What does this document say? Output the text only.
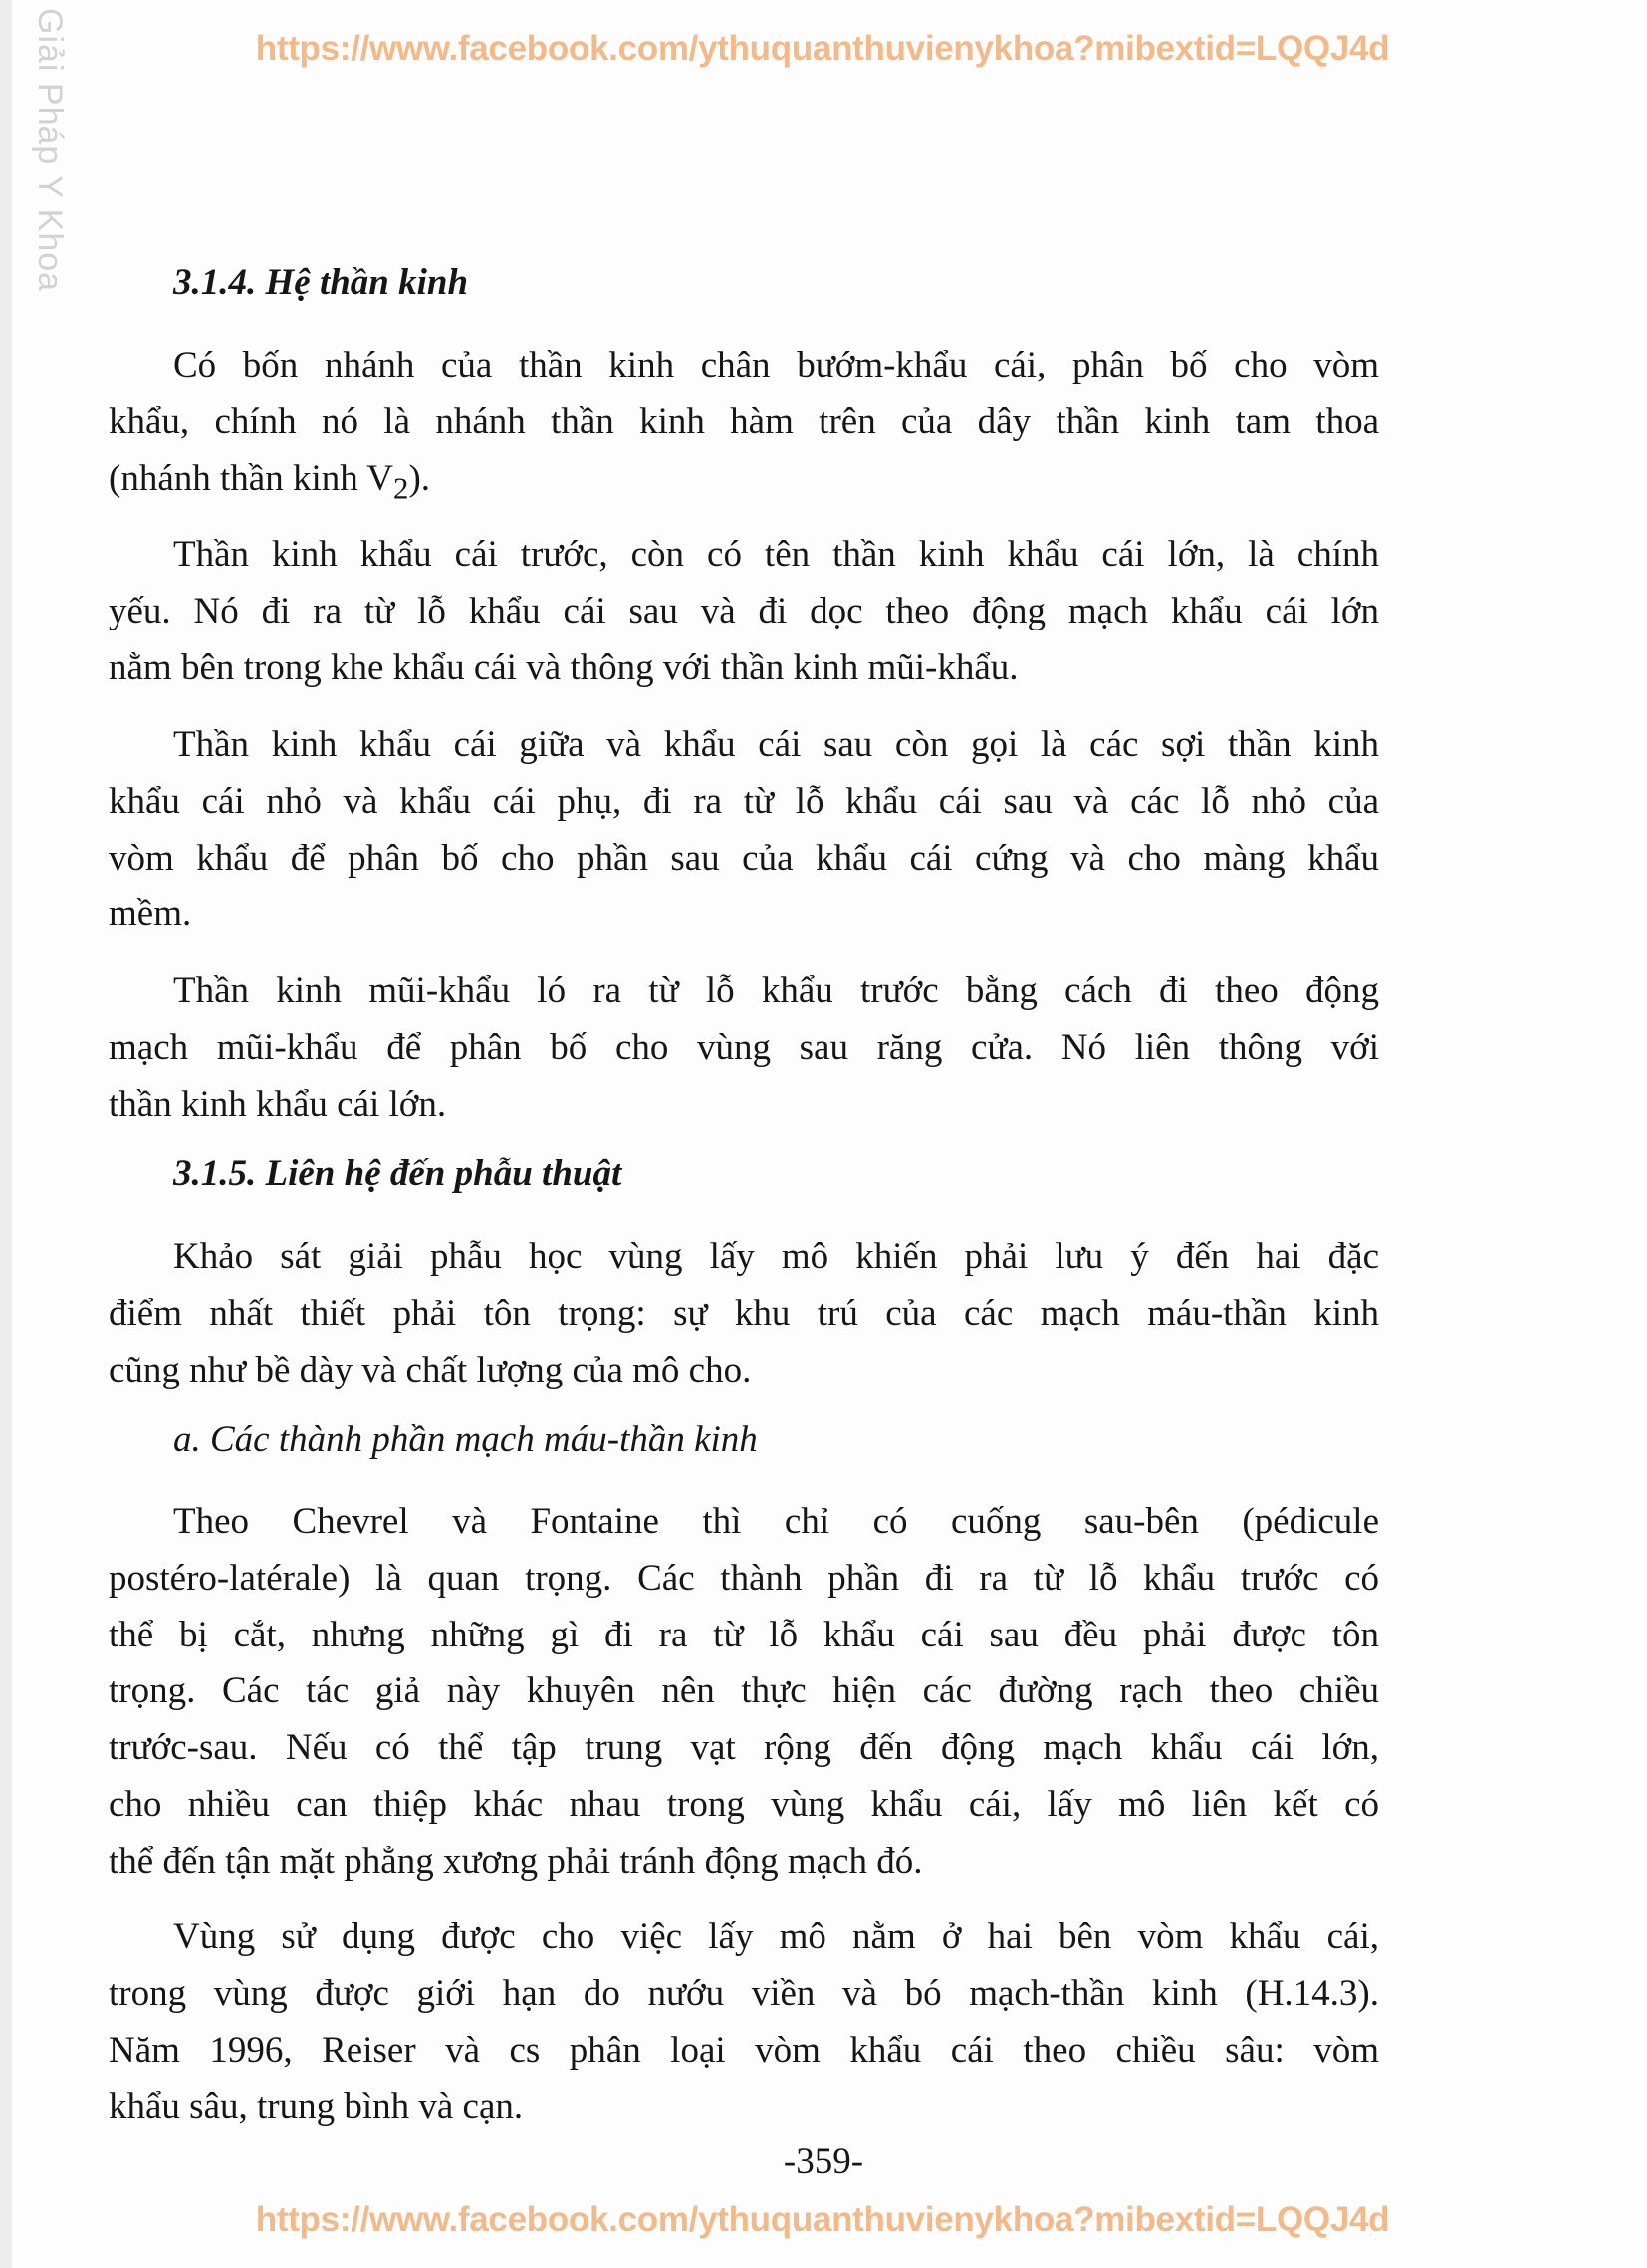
Giải Pháp Y Khoa	https://www.facebook.com/ythuquanthuvienykhoa?mibextid=LQQJ4d
3.1.4. Hệ thần kinh
Có bốn nhánh của thần kinh chân bướm-khẩu cái, phân bố cho vòm
khẩu, chính nó là nhánh thần kinh hàm trên của dây thần kinh tam thoa
(nhánh thần kinh $V_2$).
Thần kinh khẩu cái trước, còn có tên thần kinh khẩu cái lớn, là chính
yếu. Nó đi ra từ lỗ khẩu cái sau và đi dọc theo động mạch khẩu cái lớn
nằm bên trong khe khẩu cái và thông với thần kinh mũi-khẩu.
Thần kinh khẩu cái giữa và khẩu cái sau còn gọi là các sợi thần kinh
khẩu cái nhỏ và khẩu cái phụ, đi ra từ lỗ khẩu cái sau và các lỗ nhỏ của
vòm khẩu để phân bố cho phần sau của khẩu cái cứng và cho màng khẩu
mềm.
Thần kinh mũi-khẩu ló ra từ lỗ khẩu trước bằng cách đi theo động
mạch mũi-khẩu để phân bố cho vùng sau răng cửa. Nó liên thông với
thần kinh khẩu cái lớn.
3.1.5. Liên hệ đến phẫu thuật
Khảo sát giải phẫu học vùng lấy mô khiến phải lưu ý đến hai đặc
điểm nhất thiết phải tôn trọng: sự khu trú của các mạch máu-thần kinh
cũng như bề dày và chất lượng của mô cho.
a. Các thành phần mạch máu-thần kinh
Theo Chevrel và Fontaine thì chỉ có cuống sau-bên (pédicule
postéro-latérale) là quan trọng. Các thành phần đi ra từ lỗ khẩu trước có
thể bị cắt, nhưng những gì đi ra từ lỗ khẩu cái sau đều phải được tôn
trọng. Các tác giả này khuyên nên thực hiện các đường rạch theo chiều
trước-sau. Nếu có thể tập trung vạt rộng đến động mạch khẩu cái lớn,
cho nhiều can thiệp khác nhau trong vùng khẩu cái, lấy mô liên kết có
thể đến tận mặt phẳng xương phải tránh động mạch đó.
Vùng sử dụng được cho việc lấy mô nằm ở hai bên vòm khẩu cái,
trong vùng được giới hạn do nướu viền và bó mạch-thần kinh (H.14.3).
Năm 1996, Reiser và cs phân loại vòm khẩu cái theo chiều sâu: vòm
khẩu sâu, trung bình và cạn.
-359-
https://www.facebook.com/ythuquanthuvienykhoa?mibextid=LQQJ4d
